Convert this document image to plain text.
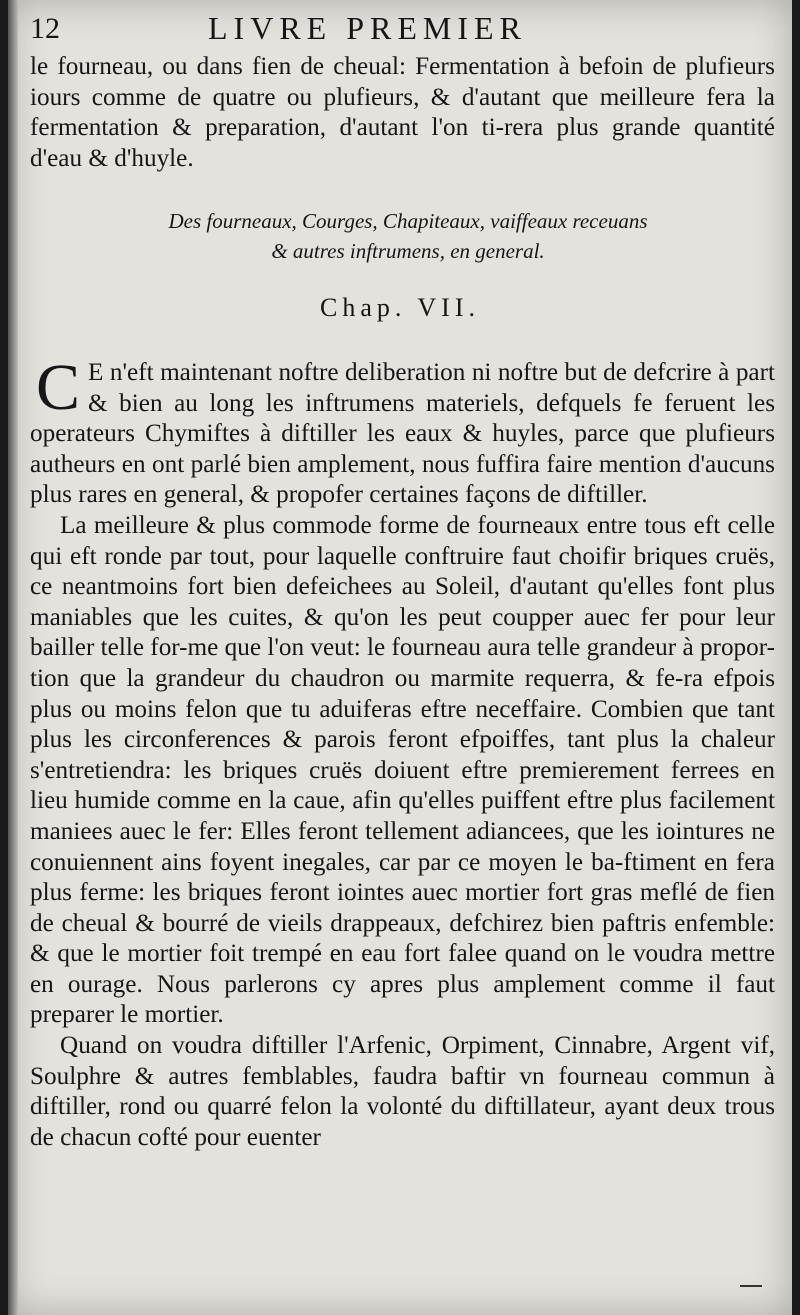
12	LIVRE PREMIER

le fourneau, ou dans fien de cheual: Fermentation à befoin de plufieurs iours comme de quatre ou plufieurs, & d'autant que meilleure fera la fermentation & preparation, d'autant l'on ti-rera plus grande quantité d'eau & d'huyle.

Des fourneaux, Courges, Chapiteaux, vaiffeaux receuans
& autres inftrumens, en general.
Chap. VII.

C E n'eft maintenant noftre deliberation ni noftre but de defcrire à part & bien au long les inftrumens materiels, defquels fe feruent les operateurs Chymiftes à diftiller les eaux & huyles, parce que plufieurs autheurs en ont parlé bien amplement, nous fuffira faire mention d'aucuns plus rares en general, & propofer certaines façons de diftiller.

La meilleure & plus commode forme de fourneaux entre tous eft celle qui eft ronde par tout, pour laquelle conftruire faut choifir briques cruës, ce neantmoins fort bien defeichees au Soleil, d'autant qu'elles font plus maniables que les cuites, & qu'on les peut coupper auec fer pour leur bailler telle for-me que l'on veut: le fourneau aura telle grandeur à propor-tion que la grandeur du chaudron ou marmite requerra, & fe-ra efpois plus ou moins felon que tu aduiferas eftre neceffaire. Combien que tant plus les circonferences & parois feront efpoiffes, tant plus la chaleur s'entretiendra: les briques cruës doiuent eftre premierement ferrees en lieu humide comme en la caue, afin qu'elles puiffent eftre plus facilement maniees auec le fer: Elles feront tellement adiancees, que les iointures ne conuiennent ains foyent inegales, car par ce moyen le ba-ftiment en fera plus ferme: les briques feront iointes auec mortier fort gras meflé de fien de cheual & bourré de vieils drappeaux, defchirez bien paftris enfemble: & que le mortier foit trempé en eau fort falee quand on le voudra mettre en ourage. Nous parlerons cy apres plus amplement comme il faut preparer le mortier.

Quand on voudra diftiller l'Arfenic, Orpiment, Cinnabre, Argent vif, Soulphre & autres femblables, faudra baftir vn fourneau commun à diftiller, rond ou quarré felon la volonté du diftillateur, ayant deux trous de chacun cofté pour euenter
